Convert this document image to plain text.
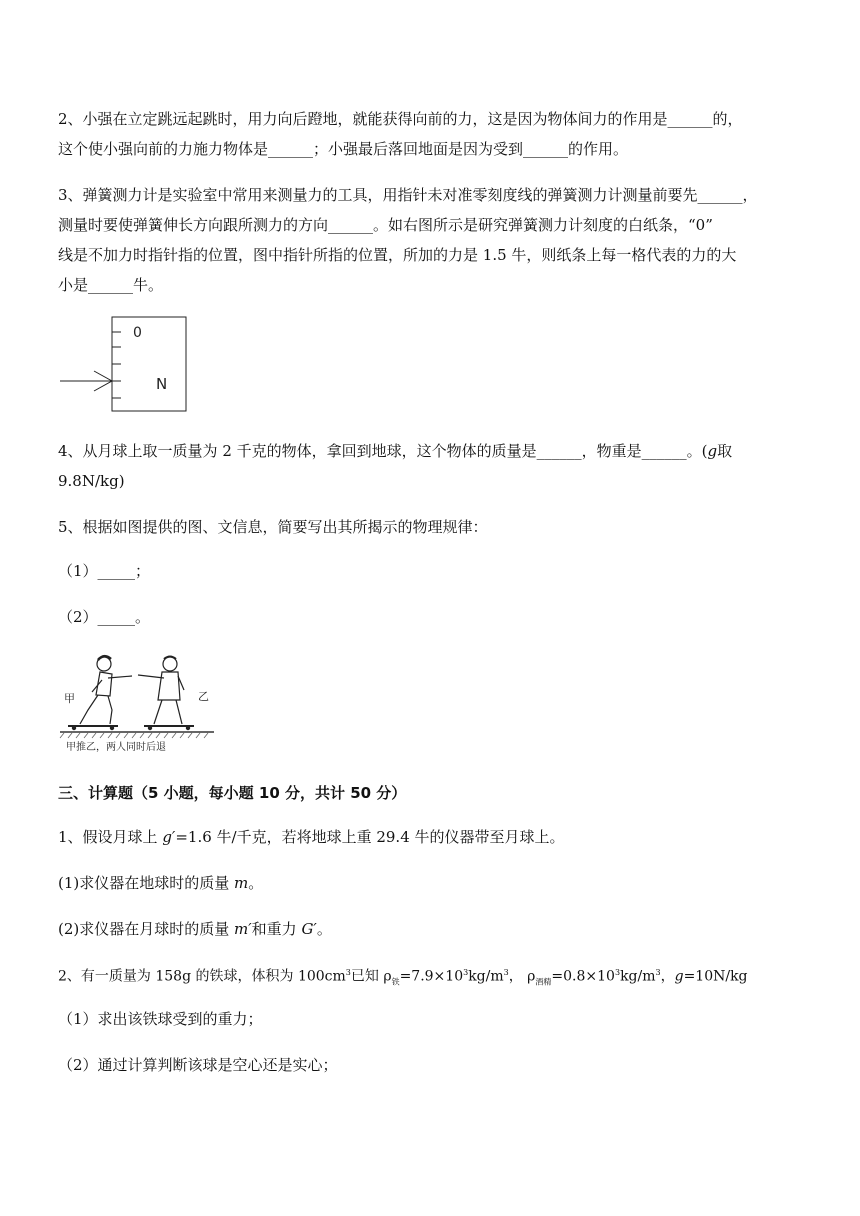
2、小强在立定跳远起跳时，用力向后蹬地，就能获得向前的力，这是因为物体间力的作用是______的，

这个使小强向前的力施力物体是______；小强最后落回地面是因为受到______的作用。

3、弹簧测力计是实验室中常用来测量力的工具，用指针未对准零刻度线的弹簧测力计测量前要先______，

测量时要使弹簧伸长方向跟所测力的方向______。如右图所示是研究弹簧测力计刻度的白纸条，“0”

线是不加力时指针指的位置，图中指针所指的位置，所加的力是 1.5 牛，则纸条上每一格代表的力的大

小是______牛。

0
N

4、从月球上取一质量为 2 千克的物体，拿回到地球，这个物体的质量是______，物重是______。(g取

9.8N/kg)

5、根据如图提供的图、文信息，简要写出其所揭示的物理规律：

（1）_____；

（2）_____。

甲	乙
甲推乙，两人同时后退

三、计算题（5 小题，每小题 10 分，共计 50 分）

1、假设月球上 g′=1.6 牛/千克，若将地球上重 29.4 牛的仪器带至月球上。

(1)求仪器在地球时的质量 m。

(2)求仪器在月球时的质量 m′和重力 G′。

2、有一质量为 158g 的铁球，体积为 $100cm^3$已知 $\rho_铁=7.9\times 10^3kg/m^3$， $\rho_{酒精}=0.8\times 10^3kg/m^3$，g=10N/kg

（1）求出该铁球受到的重力；

（2）通过计算判断该球是空心还是实心；
